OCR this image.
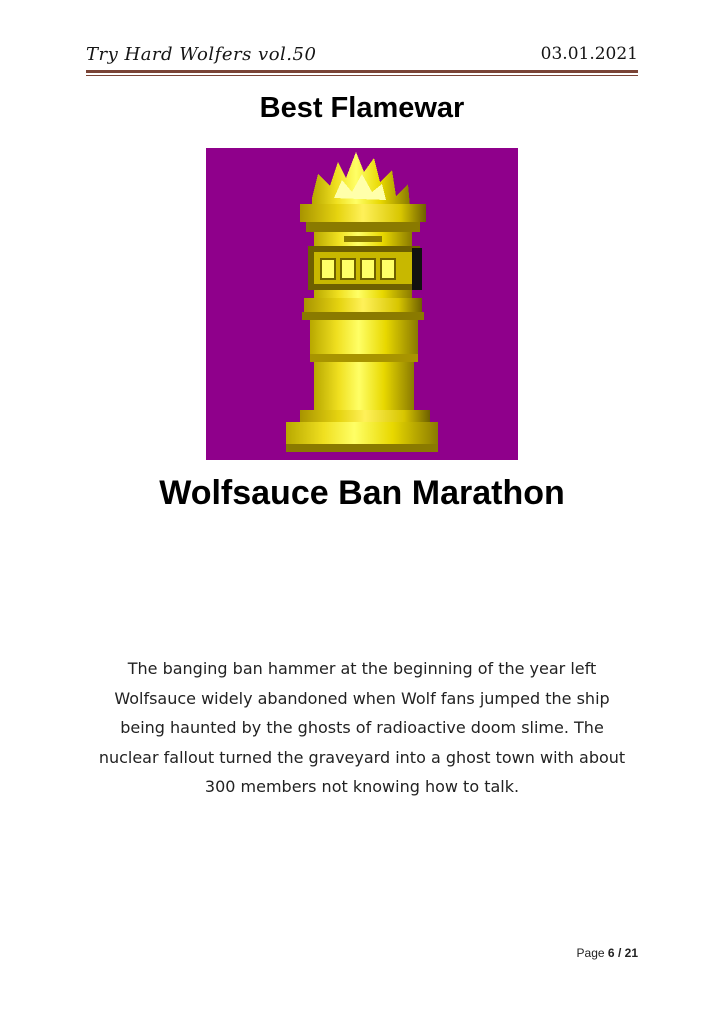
Try Hard Wolfers vol.50	03.01.2021
Best Flamewar
Wolfsauce Ban Marathon
The banging ban hammer at the beginning of the year left Wolfsauce widely abandoned when Wolf fans jumped the ship being haunted by the ghosts of radioactive doom slime. The nuclear fallout turned the graveyard into a ghost town with about 300 members not knowing how to talk.
Page 6 / 21
